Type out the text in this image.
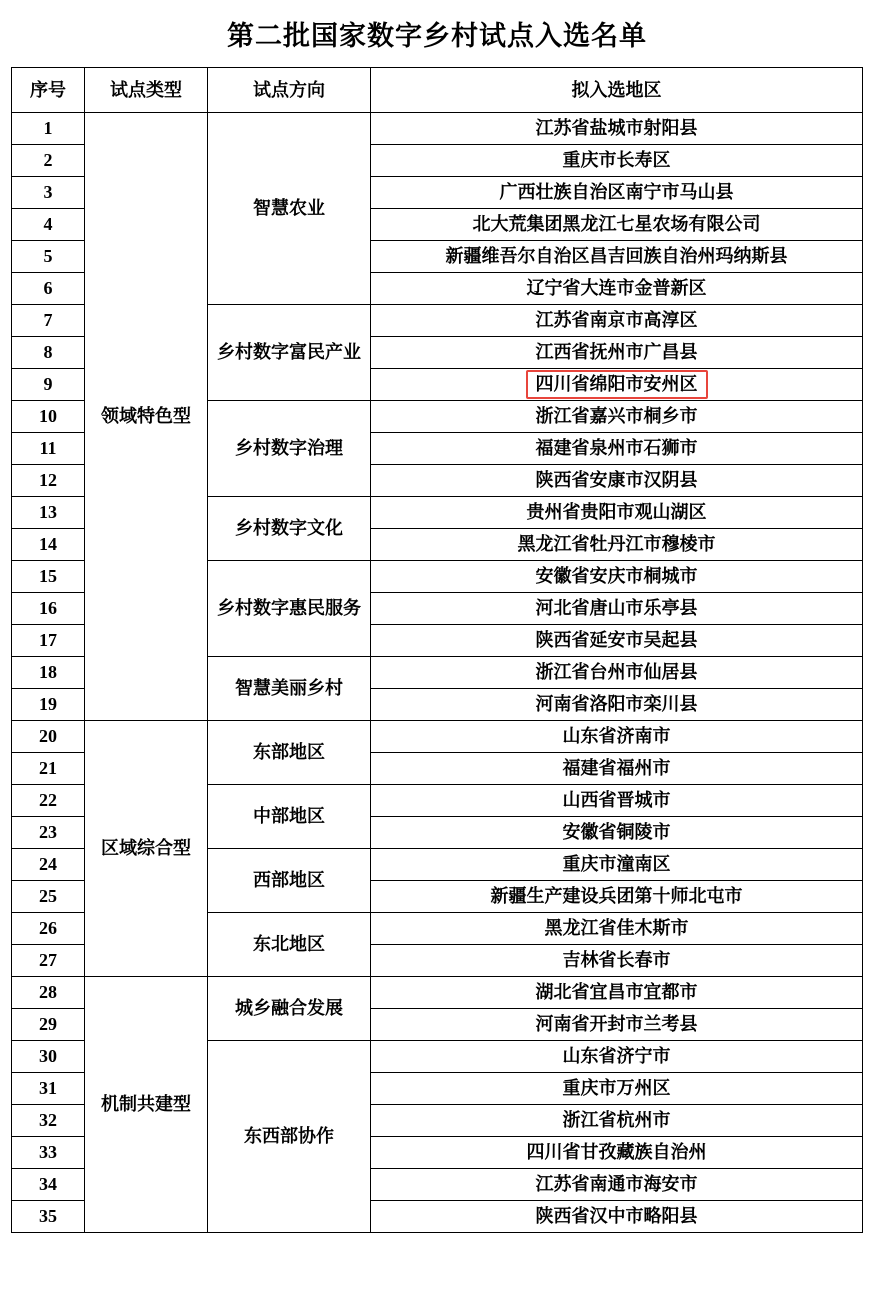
第二批国家数字乡村试点入选名单
序号	试点类型	试点方向	拟入选地区
1	领域特色型	智慧农业	江苏省盐城市射阳县
2			重庆市长寿区
3			广西壮族自治区南宁市马山县
4			北大荒集团黑龙江七星农场有限公司
5			新疆维吾尔自治区昌吉回族自治州玛纳斯县
6			辽宁省大连市金普新区
7		乡村数字富民产业	江苏省南京市高淳区
8			江西省抚州市广昌县
9			四川省绵阳市安州区
10		乡村数字治理	浙江省嘉兴市桐乡市
11			福建省泉州市石狮市
12			陕西省安康市汉阴县
13		乡村数字文化	贵州省贵阳市观山湖区
14			黑龙江省牡丹江市穆棱市
15		乡村数字惠民服务	安徽省安庆市桐城市
16			河北省唐山市乐亭县
17			陕西省延安市吴起县
18		智慧美丽乡村	浙江省台州市仙居县
19			河南省洛阳市栾川县
20	区域综合型	东部地区	山东省济南市
21			福建省福州市
22		中部地区	山西省晋城市
23			安徽省铜陵市
24		西部地区	重庆市潼南区
25			新疆生产建设兵团第十师北屯市
26		东北地区	黑龙江省佳木斯市
27			吉林省长春市
28	机制共建型	城乡融合发展	湖北省宜昌市宜都市
29			河南省开封市兰考县
30		东西部协作	山东省济宁市
31			重庆市万州区
32			浙江省杭州市
33			四川省甘孜藏族自治州
34			江苏省南通市海安市
35			陕西省汉中市略阳县
